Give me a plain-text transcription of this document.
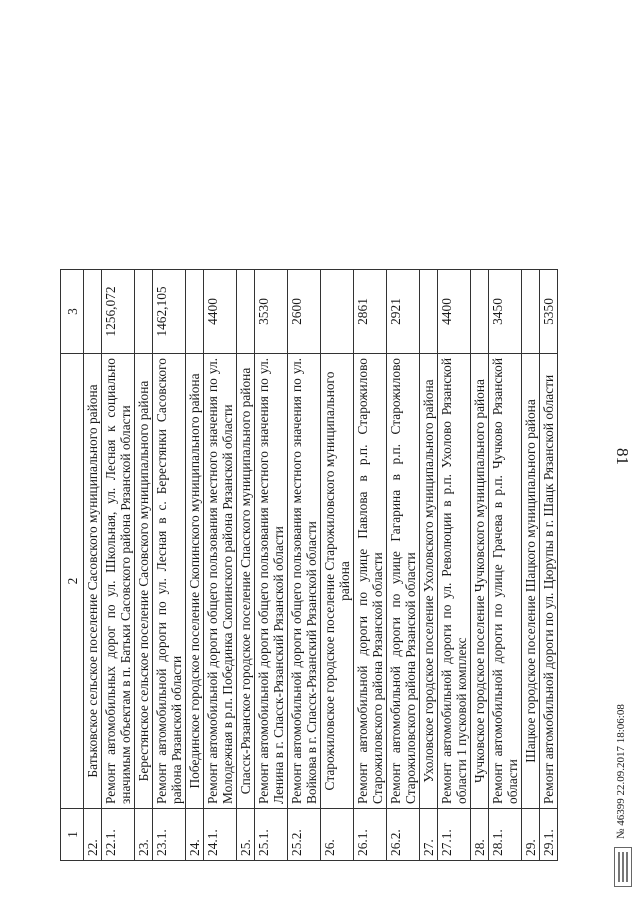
81
1	2	3
22.	Батьковское сельское поселение Сасовского муниципального района	
22.1.	Ремонт автомобильных дорог по ул. Школьная, ул. Лесная к социально значимым объектам в п. Батьки Сасовского района Рязанской области	1256,072
23.	Берестянское сельское поселение Сасовского муниципального района	
23.1.	Ремонт автомобильной дороги по ул. Лесная в с. Берестянки Сасовского района Рязанской области	1462,105
24.	Побединское городское поселение Скопинского муниципального района	
24.1.	Ремонт автомобильной дороги общего пользования местного значения по ул. Молодежная в р.п. Побединка Скопинского района Рязанской области	4400
25.	Спасск-Рязанское городское поселение Спасского муниципального района	
25.1.	Ремонт автомобильной дороги общего пользования местного значения по ул. Ленина в г. Спасск-Рязанский Рязанской области	3530
25.2.	Ремонт автомобильной дороги общего пользования местного значения по ул. Войкова в г. Спасск-Рязанский Рязанской области	2600
26.	Старожиловское городское поселение Старожиловского муниципального района	
26.1.	Ремонт автомобильной дороги по улице Павлова в р.п. Старожилово Старожиловского района Рязанской области	2861
26.2.	Ремонт автомобильной дороги по улице Гагарина в р.п. Старожилово Старожиловского района Рязанской области	2921
27.	Ухоловское городское поселение Ухоловского муниципального района	
27.1.	Ремонт автомобильной дороги по ул. Революции в р.п. Ухолово Рязанской области 1 пусковой комплекс	4400
28.	Чучковское городское поселение Чучковского муниципального района	
28.1.	Ремонт автомобильной дороги по улице Грачева в р.п. Чучково Рязанской области	3450
29.	Шацкое городское поселение Шацкого муниципального района	
29.1.	Ремонт автомобильной дороги по ул. Цюрупы в г. Шацк Рязанской области	5350
№ 46399 22.09.2017 18:06:08
